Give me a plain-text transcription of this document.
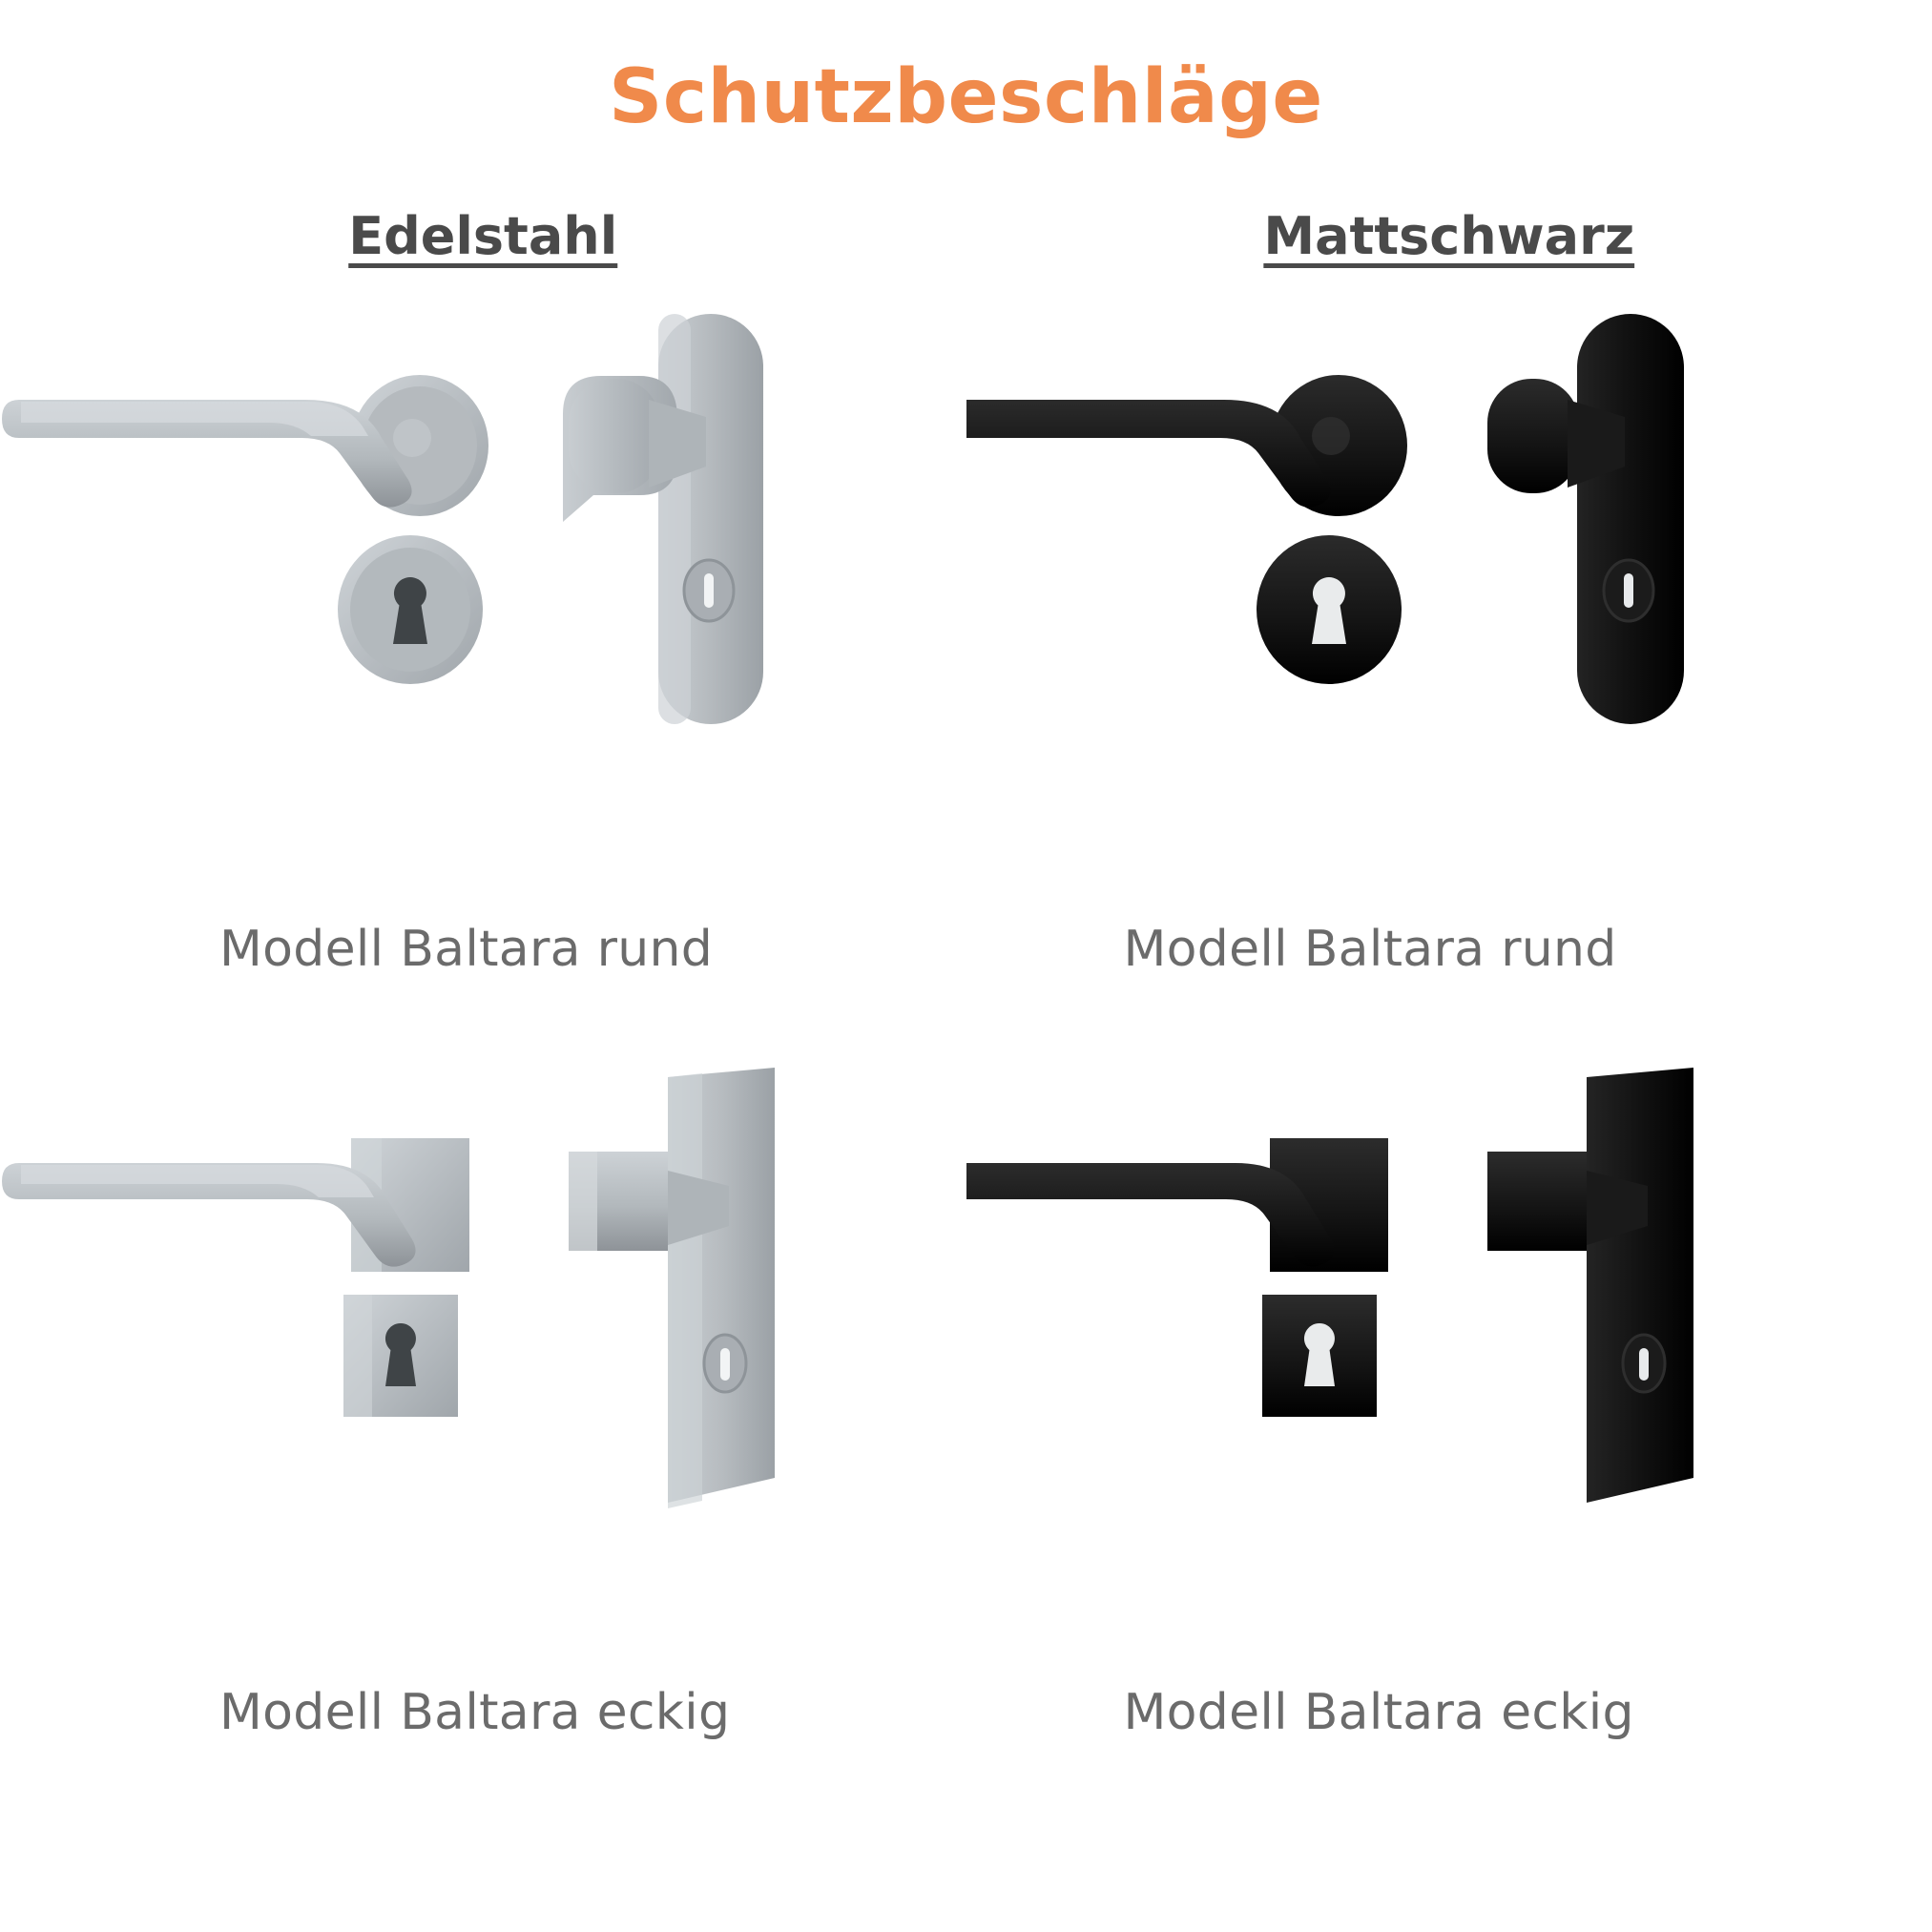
Schutzbeschläge
Edelstahl	Mattschwarz
Modell Baltara rund	Modell Baltara rund
Modell Baltara eckig	Modell Baltara eckig
